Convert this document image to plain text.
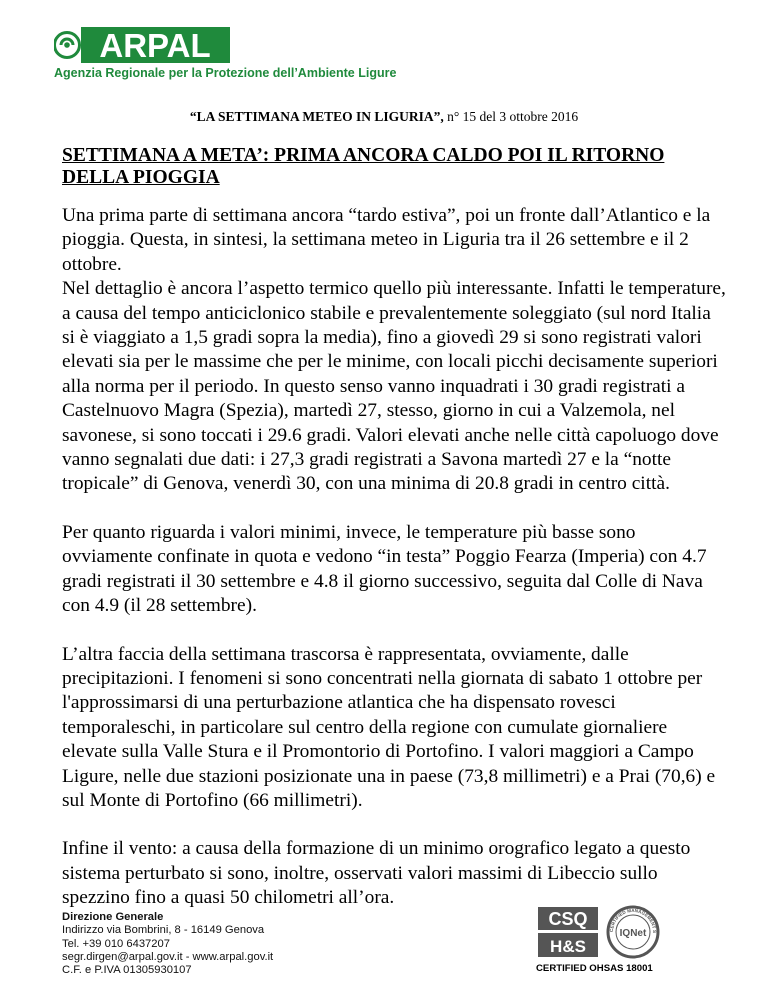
ARPAL

Agenzia Regionale per la Protezione dell’Ambiente Ligure

“LA SETTIMANA METEO IN LIGURIA”, n° 15 del 3 ottobre 2016
SETTIMANA A META’: PRIMA ANCORA CALDO POI IL RITORNO DELLA PIOGGIA

Una prima parte di settimana ancora “tardo estiva”, poi un fronte dall’Atlantico e la pioggia. Questa, in sintesi, la settimana meteo in Liguria tra il 26 settembre e il 2 ottobre.
Nel dettaglio è ancora l’aspetto termico quello più interessante. Infatti le temperature, a causa del tempo anticiclonico stabile e prevalentemente soleggiato (sul nord Italia si è viaggiato a 1,5 gradi sopra la media), fino a giovedì 29 si sono registrati valori elevati sia per le massime che per le minime, con locali picchi decisamente superiori alla norma per il periodo. In questo senso vanno inquadrati i 30 gradi registrati a Castelnuovo Magra (Spezia), martedì 27, stesso, giorno in cui a Valzemola, nel savonese, si sono toccati i 29.6 gradi. Valori elevati anche nelle città capoluogo dove vanno segnalati due dati: i 27,3 gradi registrati a Savona martedì 27 e la “notte tropicale” di Genova, venerdì 30, con una minima di 20.8 gradi in centro città.

Per quanto riguarda i valori minimi, invece, le temperature più basse sono ovviamente confinate in quota e vedono “in testa” Poggio Fearza (Imperia) con 4.7 gradi registrati il 30 settembre e 4.8 il giorno successivo, seguita dal Colle di Nava con 4.9 (il 28 settembre).

L’altra faccia della settimana trascorsa è rappresentata, ovviamente, dalle precipitazioni. I fenomeni si sono concentrati nella giornata di sabato 1 ottobre per l'approssimarsi di una perturbazione atlantica che ha dispensato rovesci temporaleschi, in particolare sul centro della regione con cumulate giornaliere elevate sulla Valle Stura e il Promontorio di Portofino. I valori maggiori a Campo Ligure, nelle due stazioni posizionate una in paese (73,8 millimetri) e a Prai (70,6) e sul Monte di Portofino (66 millimetri).

Infine il vento: a causa della formazione di un minimo orografico legato a questo sistema perturbato si sono, inoltre, osservati valori massimi di Libeccio sullo spezzino fino a quasi 50 chilometri all’ora.

Direzione Generale
Indirizzo via Bombrini, 8 - 16149 Genova
Tel. +39 010 6437207
segr.dirgen@arpal.gov.it - www.arpal.gov.it
C.F. e P.IVA 01305930107
CSQ
H&S
CERTIFIED MANAGEMENT S
IQNet

CERTIFIED OHSAS 18001
